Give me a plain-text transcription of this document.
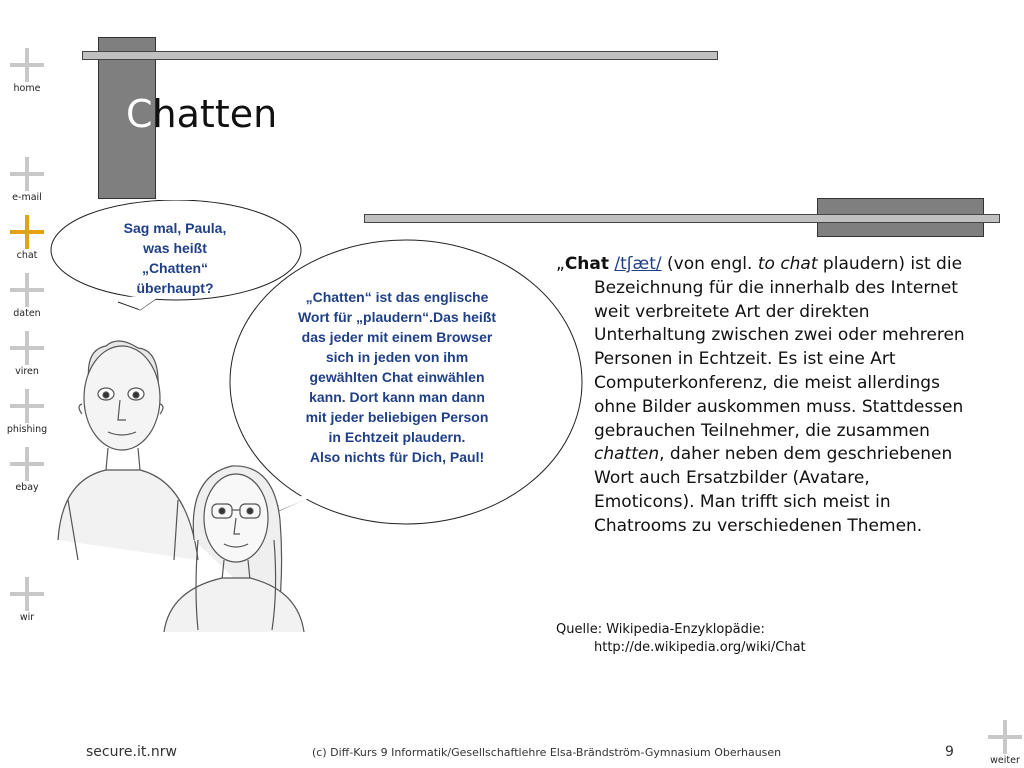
home
e-mail
chat
daten
viren
phishing
ebay
wir
weiter
Chatten
Sag mal, Paula,
was heißt
„Chatten“
überhaupt?
„Chatten“ ist das englische
Wort für „plaudern“.Das heißt
das jeder mit einem Browser
sich in jeden von ihm
gewählten Chat einwählen
kann. Dort kann man dann
mit jeder beliebigen Person
in Echtzeit plaudern.
Also nichts für Dich, Paul!
„Chat /tʃæt/ (von engl. to chat plaudern) ist die Bezeichnung für die innerhalb des Internet weit verbreitete Art der direkten Unterhaltung zwischen zwei oder mehreren Personen in Echtzeit. Es ist eine Art Computerkonferenz, die meist allerdings ohne Bilder auskommen muss. Stattdessen gebrauchen Teilnehmer, die zusammen chatten, daher neben dem geschriebenen Wort auch Ersatzbilder (Avatare, Emoticons). Man trifft sich meist in Chatrooms zu verschiedenen Themen.
Quelle: Wikipedia-Enzyklopädie:
http://de.wikipedia.org/wiki/Chat
secure.it.nrw	(c) Diff-Kurs 9 Informatik/Gesellschaftlehre Elsa-Brändström-Gymnasium Oberhausen	9
